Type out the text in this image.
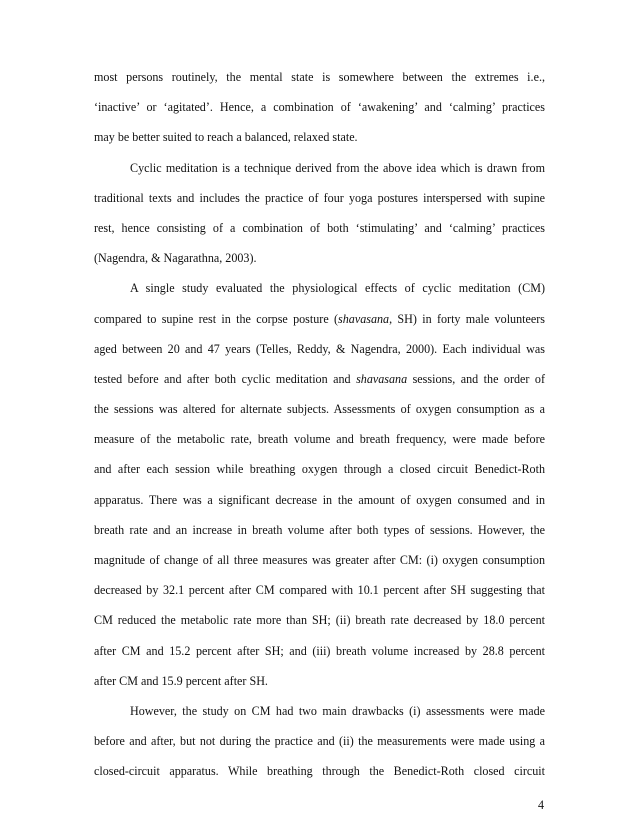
most persons routinely, the mental state is somewhere between the extremes i.e.,
‘inactive’ or ‘agitated’. Hence, a combination of ‘awakening’ and ‘calming’ practices
may be better suited to reach a balanced, relaxed state.

Cyclic meditation is a technique derived from the above idea which is drawn from
traditional texts and includes the practice of four yoga postures interspersed with supine
rest, hence consisting of a combination of both ‘stimulating’ and ‘calming’ practices
(Nagendra, & Nagarathna, 2003).

A single study evaluated the physiological effects of cyclic meditation (CM)
compared to supine rest in the corpse posture (shavasana, SH) in forty male volunteers
aged between 20 and 47 years (Telles, Reddy, & Nagendra, 2000). Each individual was
tested before and after both cyclic meditation and shavasana sessions, and the order of
the sessions was altered for alternate subjects. Assessments of oxygen consumption as a
measure of the metabolic rate, breath volume and breath frequency, were made before
and after each session while breathing oxygen through a closed circuit Benedict-Roth
apparatus. There was a significant decrease in the amount of oxygen consumed and in
breath rate and an increase in breath volume after both types of sessions. However, the
magnitude of change of all three measures was greater after CM: (i) oxygen consumption
decreased by 32.1 percent after CM compared with 10.1 percent after SH suggesting that
CM reduced the metabolic rate more than SH; (ii) breath rate decreased by 18.0 percent
after CM and 15.2 percent after SH; and (iii) breath volume increased by 28.8 percent
after CM and 15.9 percent after SH.

However, the study on CM had two main drawbacks (i) assessments were made
before and after, but not during the practice and (ii) the measurements were made using a
closed-circuit apparatus. While breathing through the Benedict-Roth closed circuit

4
